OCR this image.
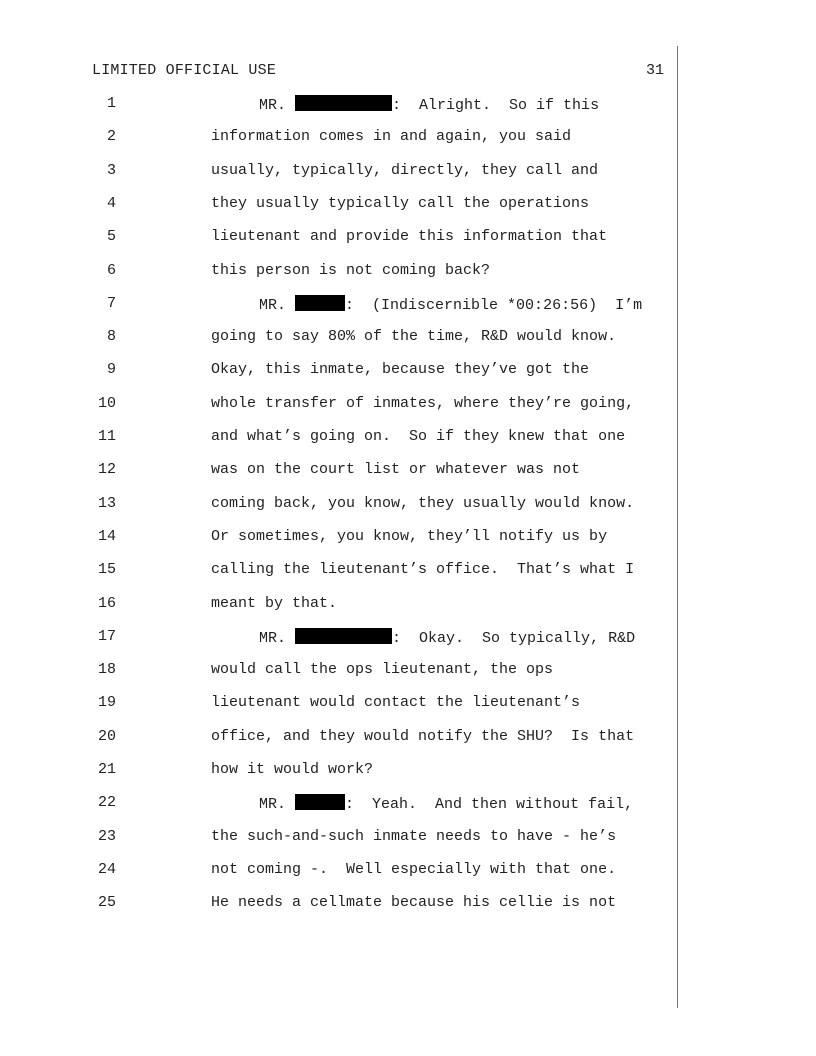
LIMITED OFFICIAL USE	31
1	MR.	:  Alright.  So if this
2	information comes in and again, you said
3	usually, typically, directly, they call and
4	they usually typically call the operations
5	lieutenant and provide this information that
6	this person is not coming back?
7	MR.	:  (Indiscernible *00:26:56)  I’m
8	going to say 80% of the time, R&D would know.
9	Okay, this inmate, because they’ve got the
10	whole transfer of inmates, where they’re going,
11	and what’s going on.  So if they knew that one
12	was on the court list or whatever was not
13	coming back, you know, they usually would know.
14	Or sometimes, you know, they’ll notify us by
15	calling the lieutenant’s office.  That’s what I
16	meant by that.
17	MR.	:  Okay.  So typically, R&D
18	would call the ops lieutenant, the ops
19	lieutenant would contact the lieutenant’s
20	office, and they would notify the SHU?  Is that
21	how it would work?
22	MR.	:  Yeah.  And then without fail,
23	the such-and-such inmate needs to have - he’s
24	not coming -.  Well especially with that one.
25	He needs a cellmate because his cellie is not
